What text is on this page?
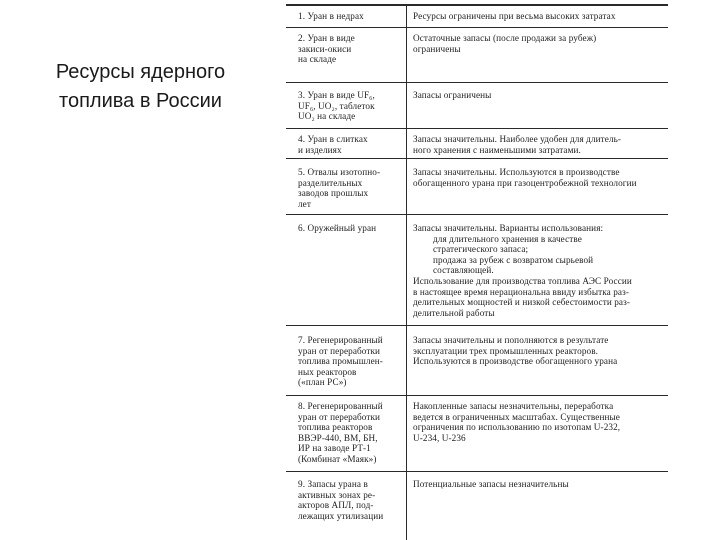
Ресурсы ядерного
топлива в России
1. Уран в недрах	Ресурсы ограничены при весьма высоких затратах
2. Уран в виде
закиси-окиси
на складе
Остаточные запасы (после продажи за рубеж)
ограничены
3. Уран в виде UF₆,
UF₆, UO₂, таблеток
UO₂ на складе
Запасы ограничены
4. Уран в слитках
и изделиях
Запасы значительны. Наиболее удобен для длитель-
ного хранения с наименьшими затратами.
5. Отвалы изотопно-
разделительных
заводов прошлых
лет
Запасы значительны. Используются в производстве
обогащенного урана при газоцентробежной технологии
6. Оружейный уран	Запасы значительны. Варианты использования:
для длительного хранения в качестве
стратегического запаса;
продажа за рубеж с возвратом сырьевой
составляющей.
Использование для производства топлива АЭС России
в настоящее время нерациональна ввиду избытка раз-
делительных мощностей и низкой себестоимости раз-
делительной работы
7. Регенерированный
уран от переработки
топлива промышлен-
ных реакторов
(«план РС»)
Запасы значительны и пополняются в результате
эксплуатации трех промышленных реакторов.
Используются в производстве обогащенного урана
8. Регенерированный
уран от переработки
топлива реакторов
ВВЭР-440, ВМ, БН,
ИР на заводе РТ-1
(Комбинат «Маяк»)
Накопленные запасы незначительны, переработка
ведется в ограниченных масштабах. Существенные
ограничения по использованию по изотопам U-232,
U-234, U-236
9. Запасы урана в
активных зонах ре-
акторов АПЛ, под-
лежащих утилизации
Потенциальные запасы незначительны
